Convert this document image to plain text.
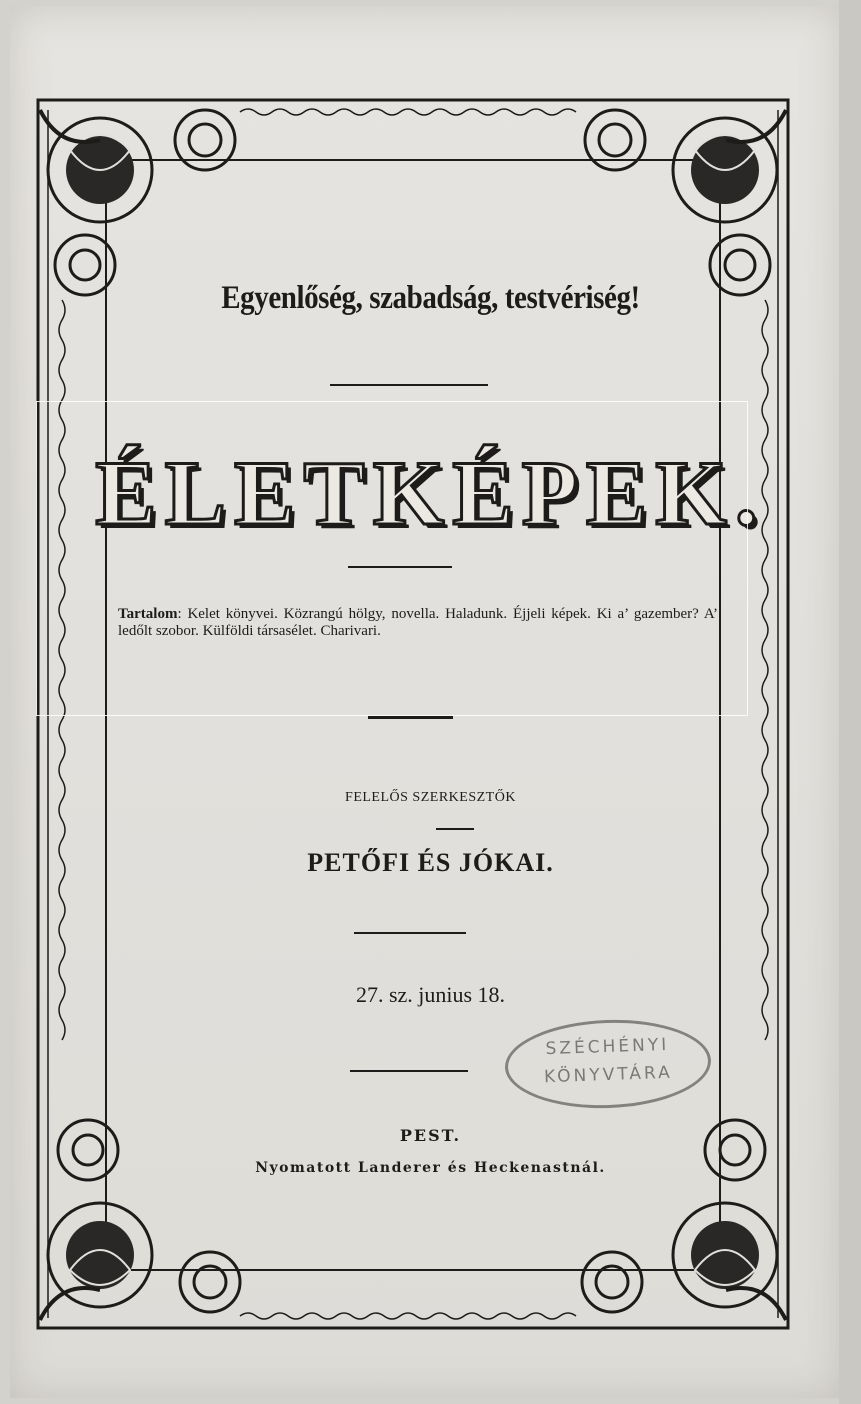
Egyenlőség, szabadság, testvériség!
ÉLETKÉPEK.
Tartalom: Kelet könyvei. Közrangú hölgy, novella. Haladunk. Éjjeli képek. Ki a’ gazember? A’ ledőlt szobor. Külföldi társasélet. Charivari.
FELELŐS SZERKESZTŐK
PETŐFI ÉS JÓKAI.
27. sz. junius 18.
SZÉCHÉNYI
KÖNYVTÁRA
PEST.
Nyomatott Landerer és Heckenastnál.
